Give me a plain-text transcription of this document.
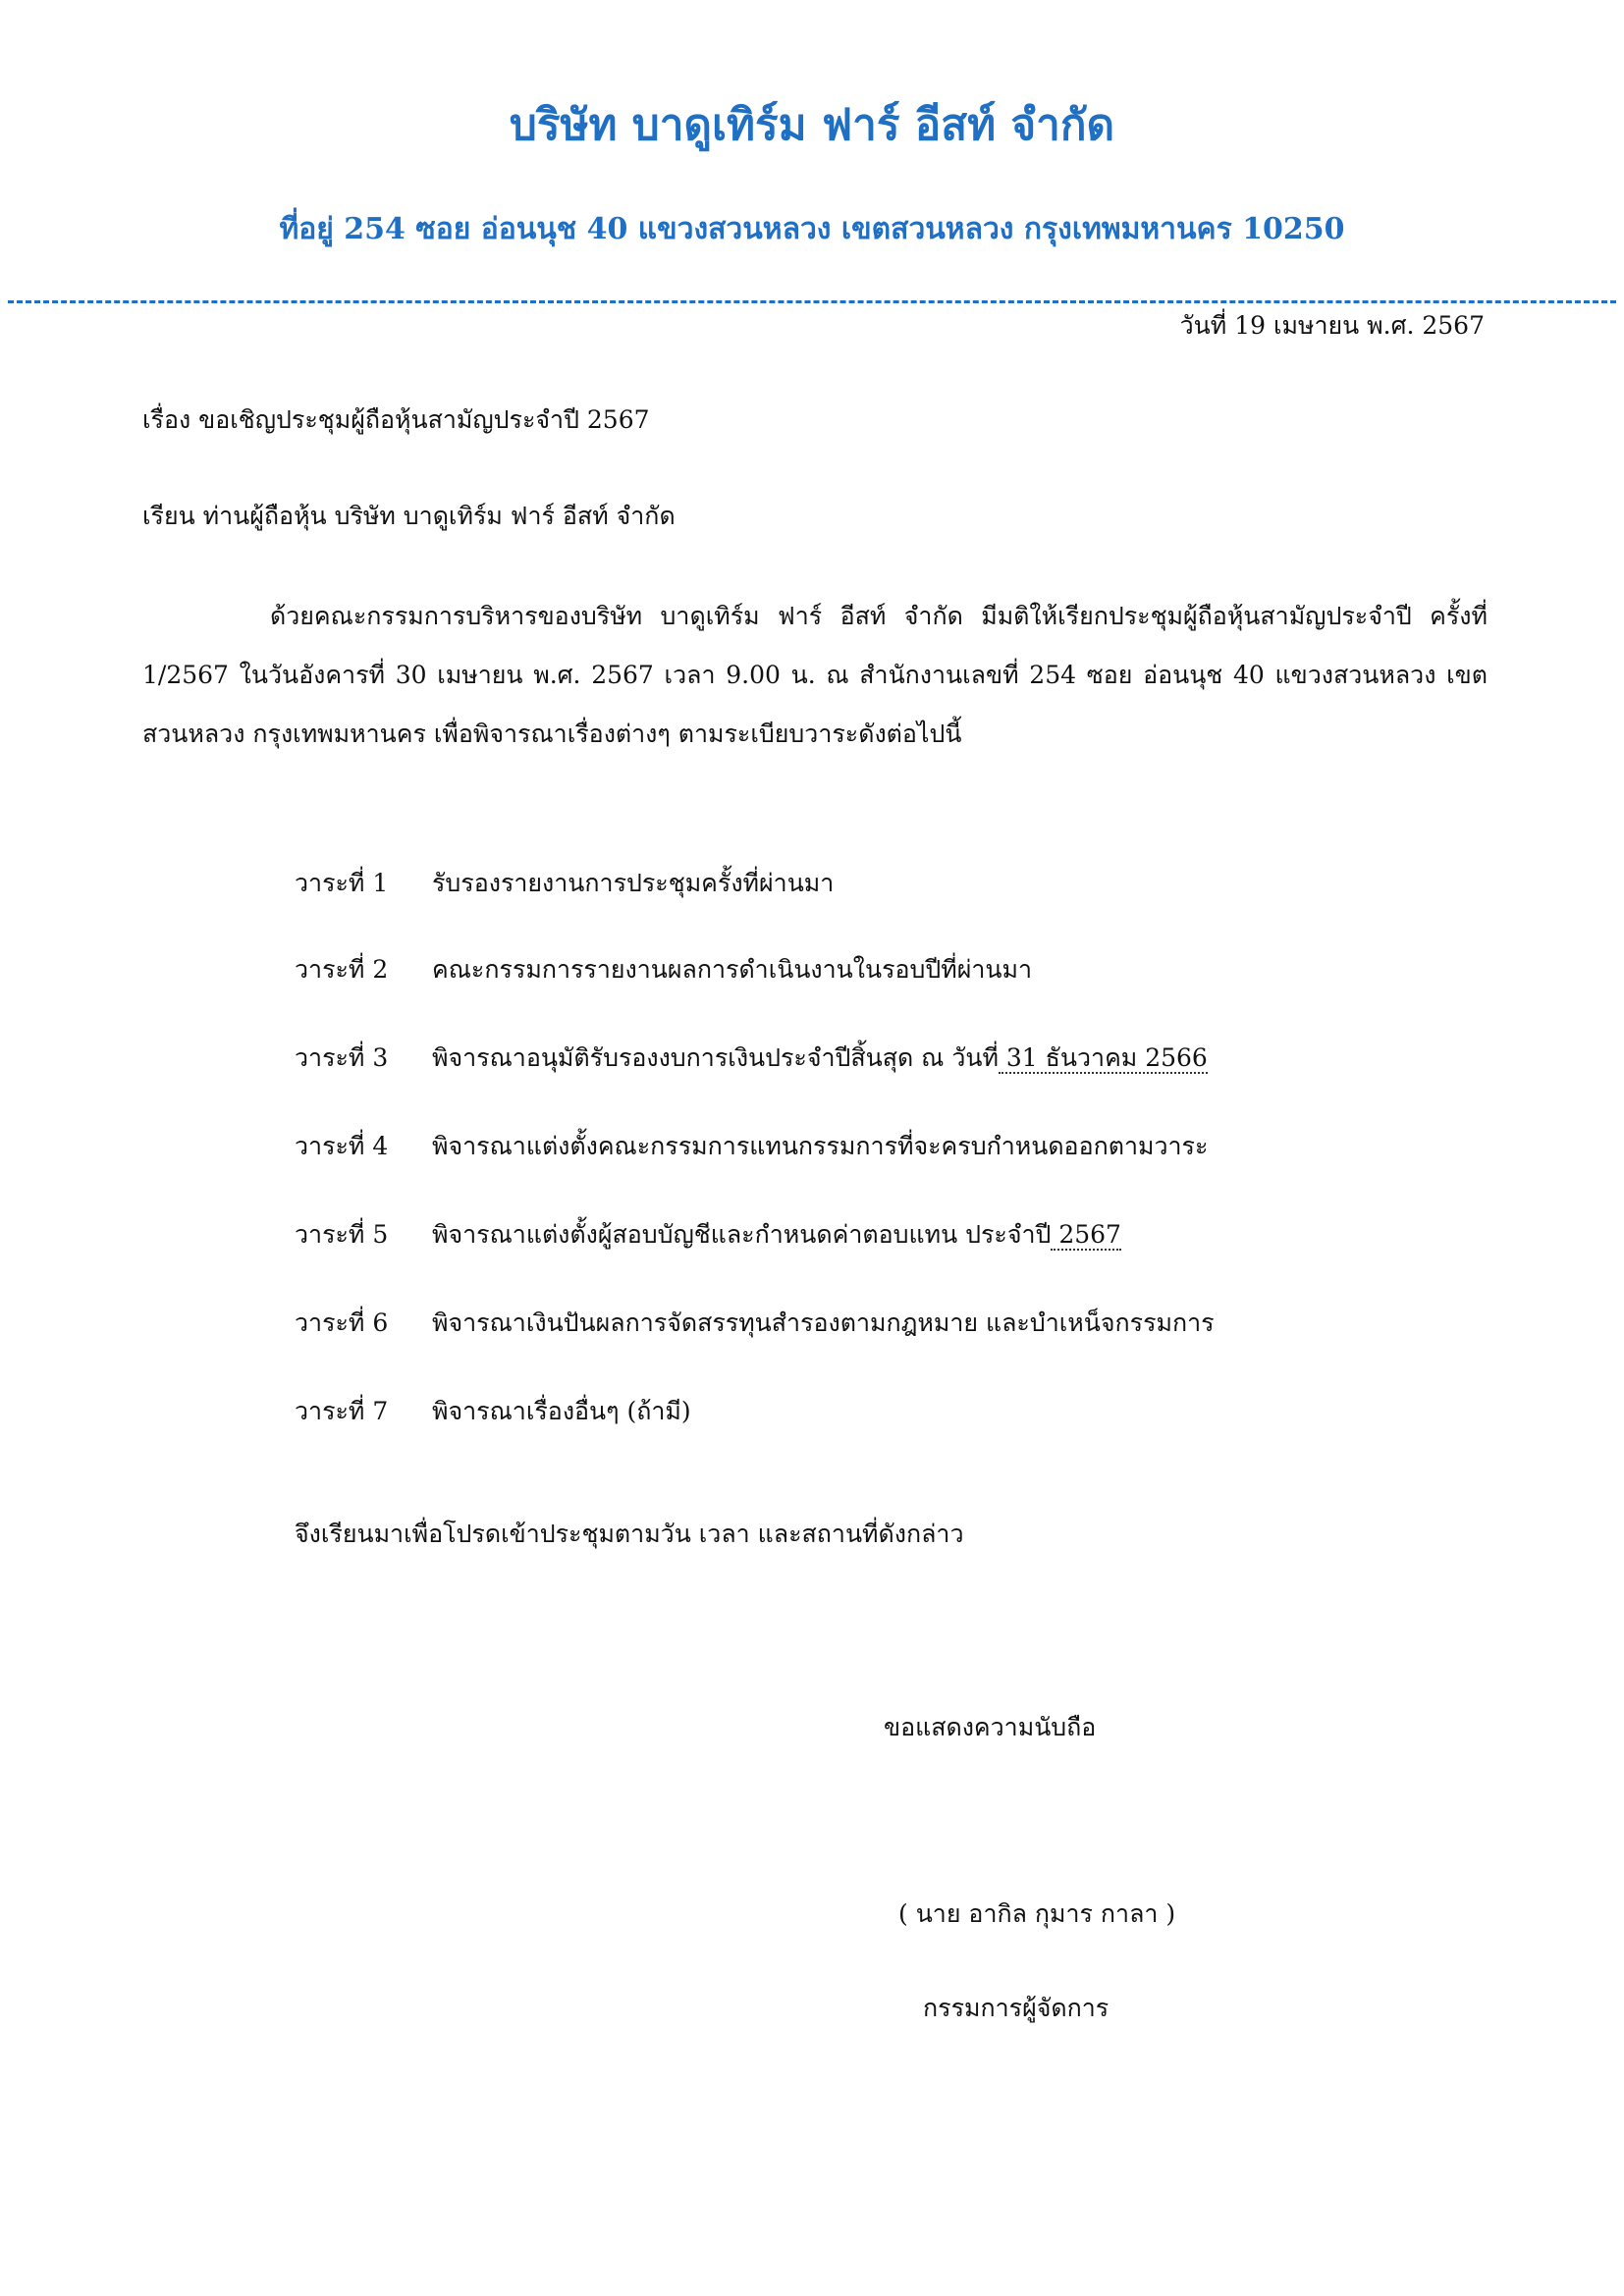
บริษัท บาดูเทิร์ม ฟาร์ อีสท์ จำกัด
ที่อยู่ 254 ซอย อ่อนนุช 40 แขวงสวนหลวง เขตสวนหลวง กรุงเทพมหานคร 10250
วันที่ 19 เมษายน พ.ศ. 2567
เรื่อง ขอเชิญประชุมผู้ถือหุ้นสามัญประจำปี 2567
เรียน ท่านผู้ถือหุ้น บริษัท บาดูเทิร์ม ฟาร์ อีสท์ จำกัด
ด้วยคณะกรรมการบริหารของบริษัท บาดูเทิร์ม ฟาร์ อีสท์ จำกัด มีมติให้เรียกประชุมผู้ถือหุ้นสามัญประจำปี ครั้งที่ 1/2567 ในวันอังคารที่ 30 เมษายน พ.ศ. 2567 เวลา 9.00 น. ณ สำนักงานเลขที่ 254 ซอย อ่อนนุช 40 แขวงสวนหลวง เขตสวนหลวง กรุงเทพมหานคร เพื่อพิจารณาเรื่องต่างๆ ตามระเบียบวาระดังต่อไปนี้
วาระที่ 1 รับรองรายงานการประชุมครั้งที่ผ่านมา
วาระที่ 2 คณะกรรมการรายงานผลการดำเนินงานในรอบปีที่ผ่านมา
วาระที่ 3 พิจารณาอนุมัติรับรองงบการเงินประจำปีสิ้นสุด ณ วันที่ 31 ธันวาคม 2566
วาระที่ 4 พิจารณาแต่งตั้งคณะกรรมการแทนกรรมการที่จะครบกำหนดออกตามวาระ
วาระที่ 5 พิจารณาแต่งตั้งผู้สอบบัญชีและกำหนดค่าตอบแทน ประจำปี 2567
วาระที่ 6 พิจารณาเงินปันผลการจัดสรรทุนสำรองตามกฎหมาย และบำเหน็จกรรมการ
วาระที่ 7 พิจารณาเรื่องอื่นๆ (ถ้ามี)
จึงเรียนมาเพื่อโปรดเข้าประชุมตามวัน เวลา และสถานที่ดังกล่าว
ขอแสดงความนับถือ
( นาย อากิล กุมาร กาลา )
กรรมการผู้จัดการ
